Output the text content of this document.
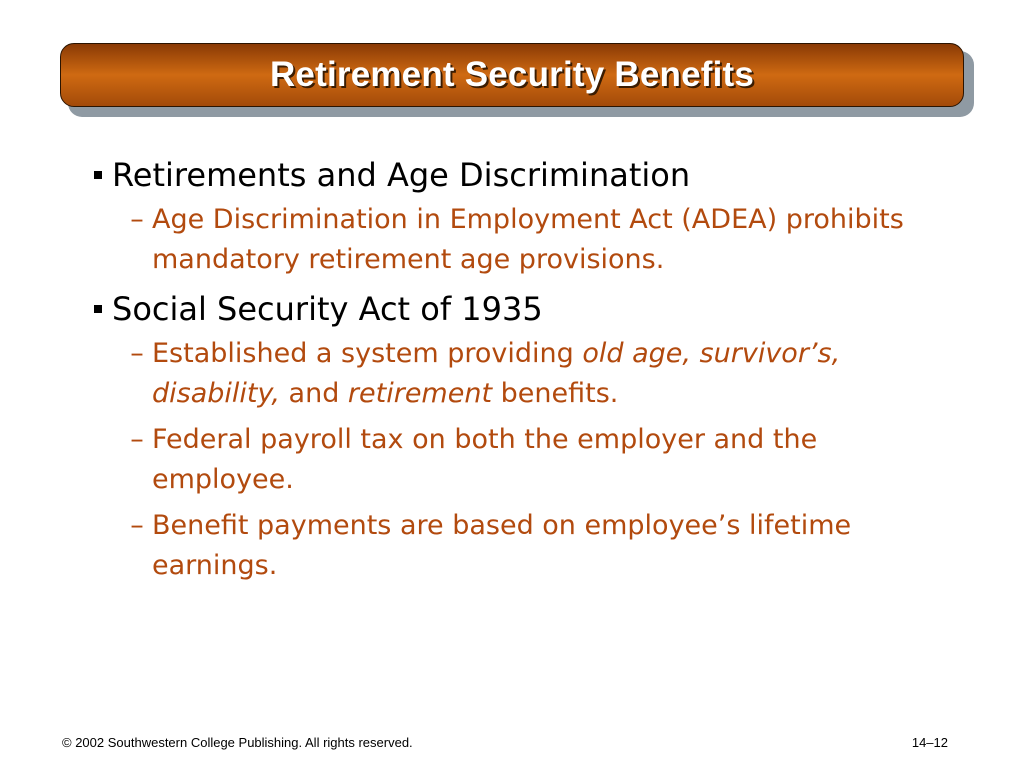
Retirement Security Benefits
Retirements and Age Discrimination
– Age Discrimination in Employment Act (ADEA) prohibits mandatory retirement age provisions.
Social Security Act of 1935
– Established a system providing old age, survivor’s, disability, and retirement benefits.
– Federal payroll tax on both the employer and the employee.
– Benefit payments are based on employee’s lifetime earnings.
© 2002 Southwestern College Publishing. All rights reserved.	14–12
